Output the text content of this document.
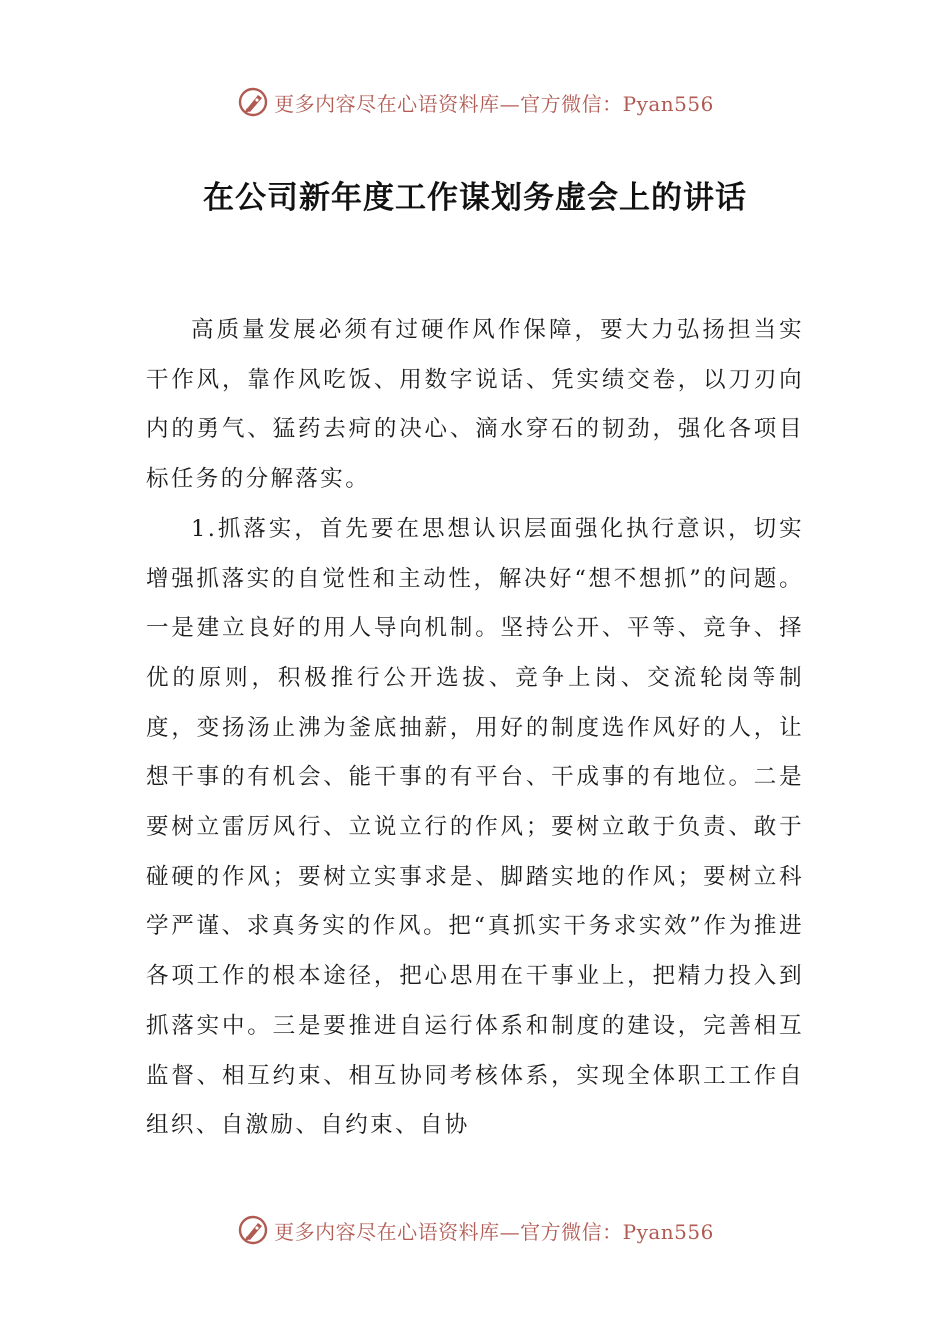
更多内容尽在心语资料库—官方微信：Pyan556
在公司新年度工作谋划务虚会上的讲话

高质量发展必须有过硬作风作保障，要大力弘扬担当实干作风，靠作风吃饭、用数字说话、凭实绩交卷，以刀刃向内的勇气、猛药去疴的决心、滴水穿石的韧劲，强化各项目标任务的分解落实。

1.抓落实，首先要在思想认识层面强化执行意识，切实增强抓落实的自觉性和主动性，解决好“想不想抓”的问题。一是建立良好的用人导向机制。坚持公开、平等、竞争、择优的原则，积极推行公开选拔、竞争上岗、交流轮岗等制度，变扬汤止沸为釜底抽薪，用好的制度选作风好的人，让想干事的有机会、能干事的有平台、干成事的有地位。二是要树立雷厉风行、立说立行的作风；要树立敢于负责、敢于碰硬的作风；要树立实事求是、脚踏实地的作风；要树立科学严谨、求真务实的作风。把“真抓实干务求实效”作为推进各项工作的根本途径，把心思用在干事业上，把精力投入到抓落实中。三是要推进自运行体系和制度的建设，完善相互监督、相互约束、相互协同考核体系，实现全体职工工作自组织、自激励、自约束、自协

更多内容尽在心语资料库—官方微信：Pyan556
